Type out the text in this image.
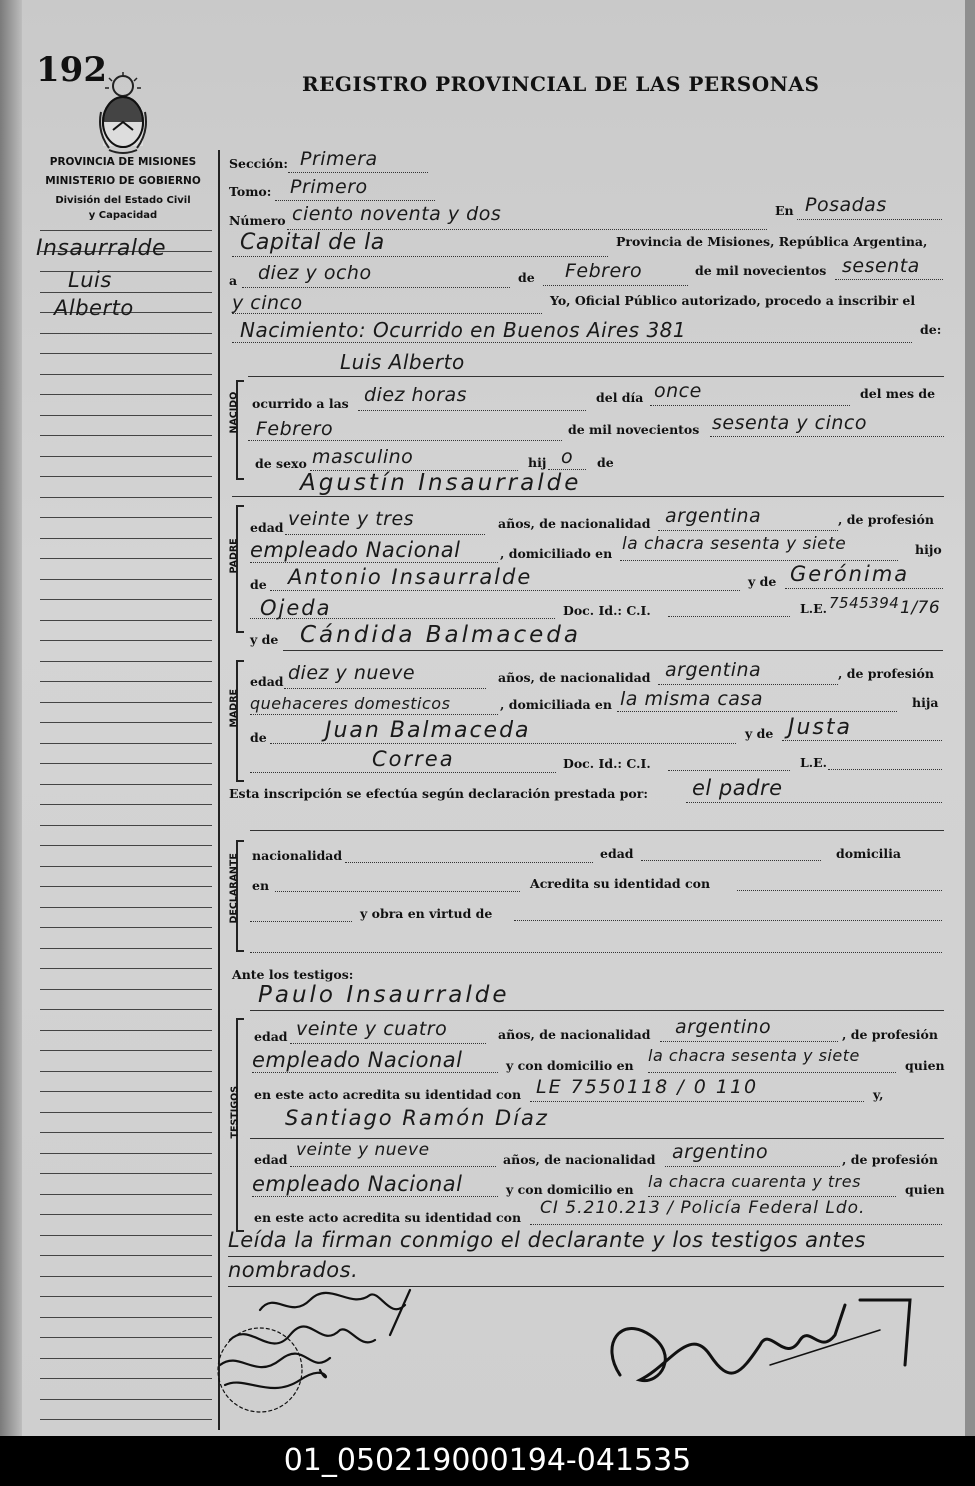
192	REGISTRO PROVINCIAL DE LAS PERSONAS
PROVINCIA DE MISIONES
MINISTERIO DE GOBIERNO
División del Estado Civil
y Capacidad
Insaurralde
Luis
Alberto
Sección: Primera
Tomo: Primero
Número ciento noventa y dos	En Posadas
Capital de la	Provincia de Misiones, República Argentina,
a diez y ocho	de Febrero	de mil novecientos sesenta
y cinco	Yo, Oficial Público autorizado, procedo a inscribir el
Nacimiento: Ocurrido en Buenos Aires 381	de:
NACIDO
Luis Alberto
ocurrido a las diez horas	del día once	del mes de
Febrero	de mil novecientos sesenta y cinco
de sexo masculino	hij o de
Agustín Insaurralde
PADRE
edad veinte y tres	años, de nacionalidad argentina	, de profesión
empleado Nacional	, domiciliado en la chacra sesenta y siete	hijo
de Antonio Insaurralde	y de Gerónima
Ojeda	Doc. Id.: C.I.	L.E. 7545394 1/76
y de Cándida Balmaceda
MADRE
edad diez y nueve	años, de nacionalidad argentina	, de profesión
quehaceres domesticos	, domiciliada en la misma casa	hija
de	Juan Balmaceda	y de Justa
Correa	Doc. Id.: C.I.	L.E.
Esta inscripción se efectúa según declaración prestada por: el padre
DECLARANTE nacionalidad	edad	domicilia
en	Acredita su identidad con
y obra en virtud de
Ante los testigos:
Paulo Insaurralde
TESTIGOS
edad veinte y cuatro	años, de nacionalidad argentino	, de profesión
empleado Nacional	y con domicilio en
la chacra sesenta y siete
quien
en este acto acredita su identidad con LE 7550118 / 0 110	y,
Santiago Ramón Díaz
edad veinte y nueve	años, de nacionalidad argentino	, de profesión
empleado Nacional	y con domicilio en la chacra cuarenta y tres	quien
en este acto acredita su identidad con CI 5.210.213 / Policía Federal Ldo.
Leída la firman conmigo el declarante y los testigos antes
nombrados.
01_050219000194-041535
